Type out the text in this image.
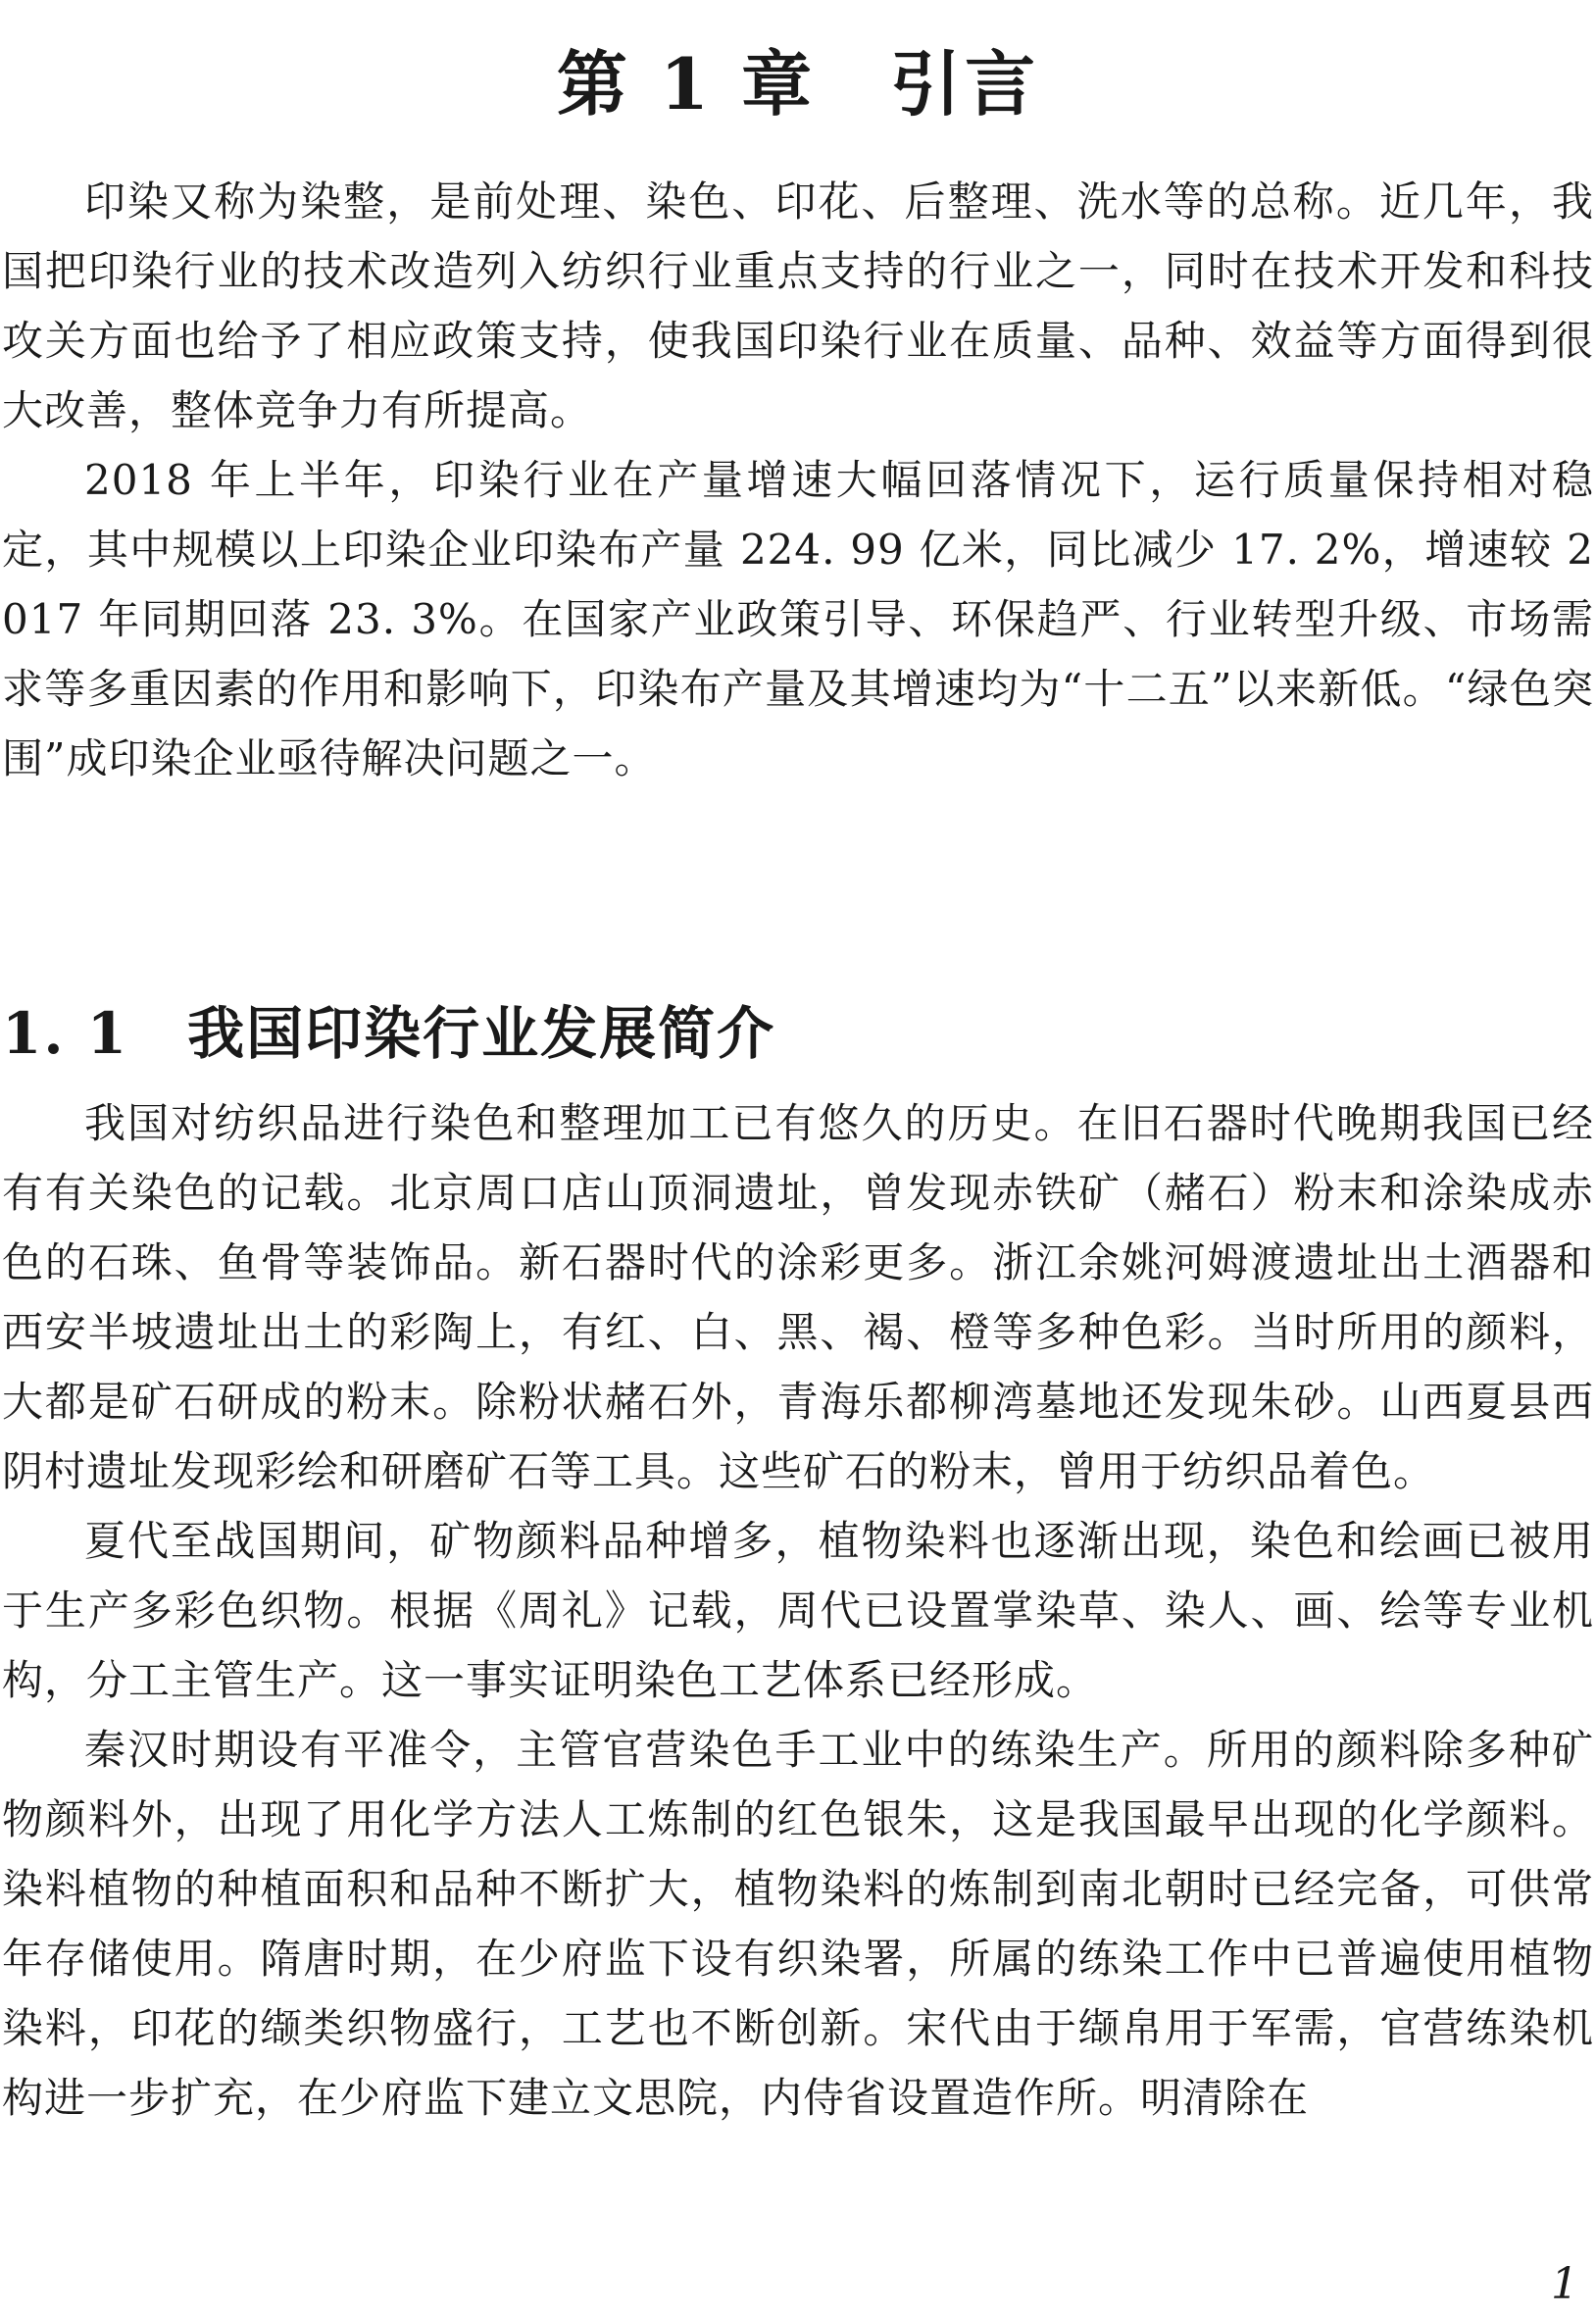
第 1 章　引言

印染又称为染整，是前处理、染色、印花、后整理、洗水等的总称。近几年，我国把印染行业的技术改造列入纺织行业重点支持的行业之一，同时在技术开发和科技攻关方面也给予了相应政策支持，使我国印染行业在质量、品种、效益等方面得到很大改善，整体竞争力有所提高。

2018 年上半年，印染行业在产量增速大幅回落情况下，运行质量保持相对稳定，其中规模以上印染企业印染布产量 224. 99 亿米，同比减少 17. 2%，增速较 2017 年同期回落 23. 3%。在国家产业政策引导、环保趋严、行业转型升级、市场需求等多重因素的作用和影响下，印染布产量及其增速均为“十二五”以来新低。“绿色突围”成印染企业亟待解决问题之一。

1. 1　我国印染行业发展简介

我国对纺织品进行染色和整理加工已有悠久的历史。在旧石器时代晚期我国已经有有关染色的记载。北京周口店山顶洞遗址，曾发现赤铁矿（赭石）粉末和涂染成赤色的石珠、鱼骨等装饰品。新石器时代的涂彩更多。浙江余姚河姆渡遗址出土酒器和西安半坡遗址出土的彩陶上，有红、白、黑、褐、橙等多种色彩。当时所用的颜料，大都是矿石研成的粉末。除粉状赭石外，青海乐都柳湾墓地还发现朱砂。山西夏县西阴村遗址发现彩绘和研磨矿石等工具。这些矿石的粉末，曾用于纺织品着色。

夏代至战国期间，矿物颜料品种增多，植物染料也逐渐出现，染色和绘画已被用于生产多彩色织物。根据《周礼》记载，周代已设置掌染草、染人、画、绘等专业机构，分工主管生产。这一事实证明染色工艺体系已经形成。

秦汉时期设有平准令，主管官营染色手工业中的练染生产。所用的颜料除多种矿物颜料外，出现了用化学方法人工炼制的红色银朱，这是我国最早出现的化学颜料。染料植物的种植面积和品种不断扩大，植物染料的炼制到南北朝时已经完备，可供常年存储使用。隋唐时期，在少府监下设有织染署，所属的练染工作中已普遍使用植物染料，印花的缬类织物盛行，工艺也不断创新。宋代由于缬帛用于军需，官营练染机构进一步扩充，在少府监下建立文思院，内侍省设置造作所。明清除在

1
